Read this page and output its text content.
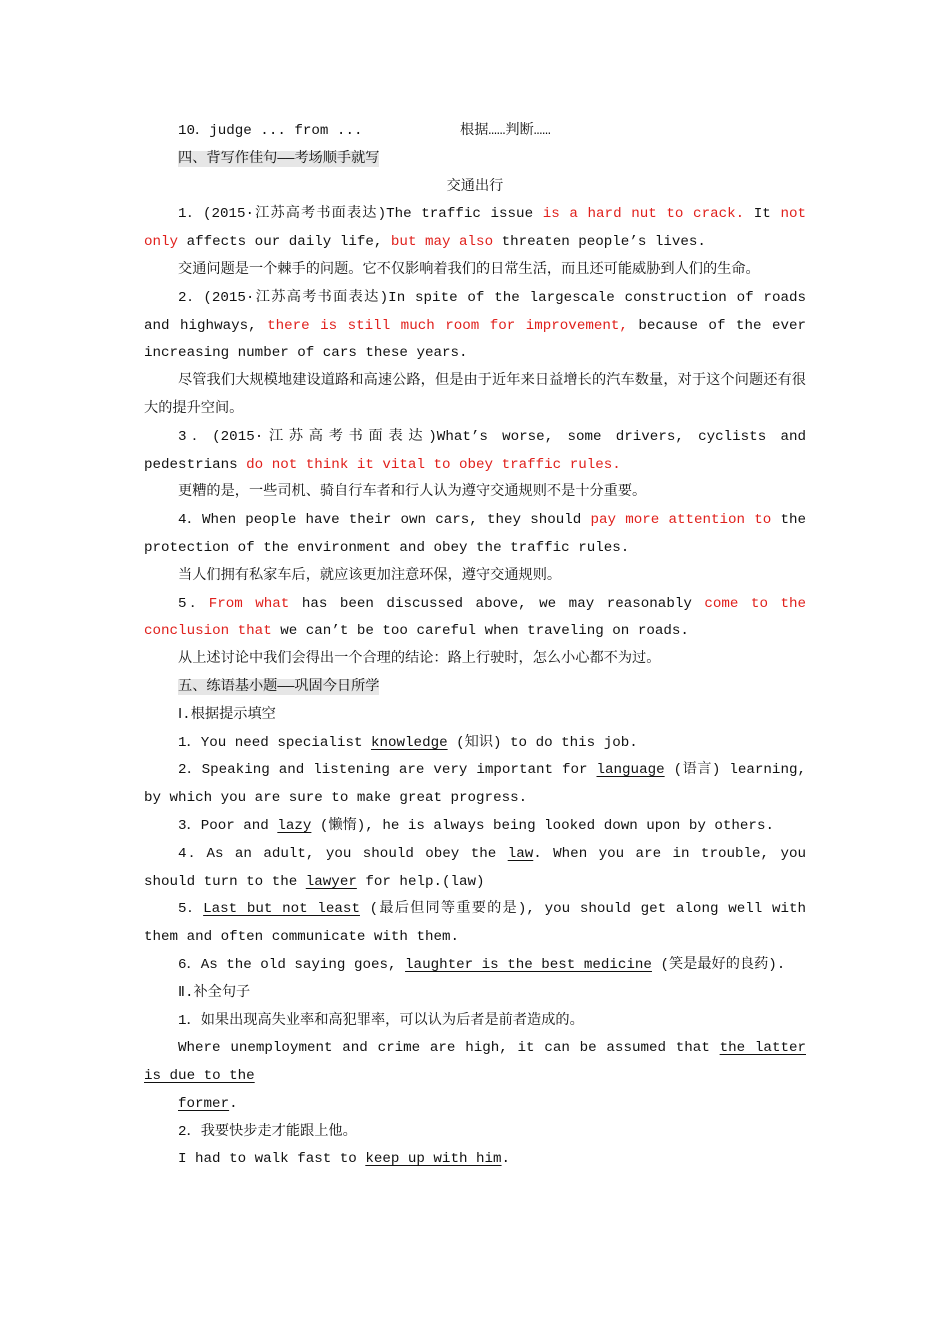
10．judge ... from ...	根据……判断……

四、背写作佳句——考场顺手就写

交通出行

1．(2015·江苏高考书面表达)The traffic issue is a hard nut to crack. It not only affects our daily life, but may also threaten people’s lives.

交通问题是一个棘手的问题。它不仅影响着我们的日常生活，而且还可能威胁到人们的生命。

2．(2015·江苏高考书面表达)In spite of the largescale construction of roads and highways, there is still much room for improvement, because of the ever increasing number of cars these years.

尽管我们大规模地建设道路和高速公路，但是由于近年来日益增长的汽车数量，对于这个问题还有很大的提升空间。

3．(2015·江苏高考书面表达)What’s worse, some drivers, cyclists and pedestrians do not think it vital to obey traffic rules.

更糟的是，一些司机、骑自行车者和行人认为遵守交通规则不是十分重要。

4．When people have their own cars, they should pay more attention to the protection of the environment and obey the traffic rules.

当人们拥有私家车后，就应该更加注意环保，遵守交通规则。

5．From what has been discussed above, we may reasonably come to the conclusion that we can’t be too careful when traveling on roads.

从上述讨论中我们会得出一个合理的结论：路上行驶时，怎么小心都不为过。

五、练语基小题——巩固今日所学

Ⅰ.根据提示填空

1．You need specialist knowledge (知识) to do this job.

2．Speaking and listening are very important for language (语言) learning, by which you are sure to make great progress.

3．Poor and lazy (懒惰), he is always being looked down upon by others.

4．As an adult, you should obey the law. When you are in trouble, you should turn to the lawyer for help.(law)

5．Last but not least (最后但同等重要的是), you should get along well with them and often communicate with them.

6．As the old saying goes, laughter is the best medicine (笑是最好的良药).

Ⅱ.补全句子

1．如果出现高失业率和高犯罪率，可以认为后者是前者造成的。

Where unemployment and crime are high, it can be assumed that the latter is due to the

former.

2．我要快步走才能跟上他。

I had to walk fast to keep up with him.
